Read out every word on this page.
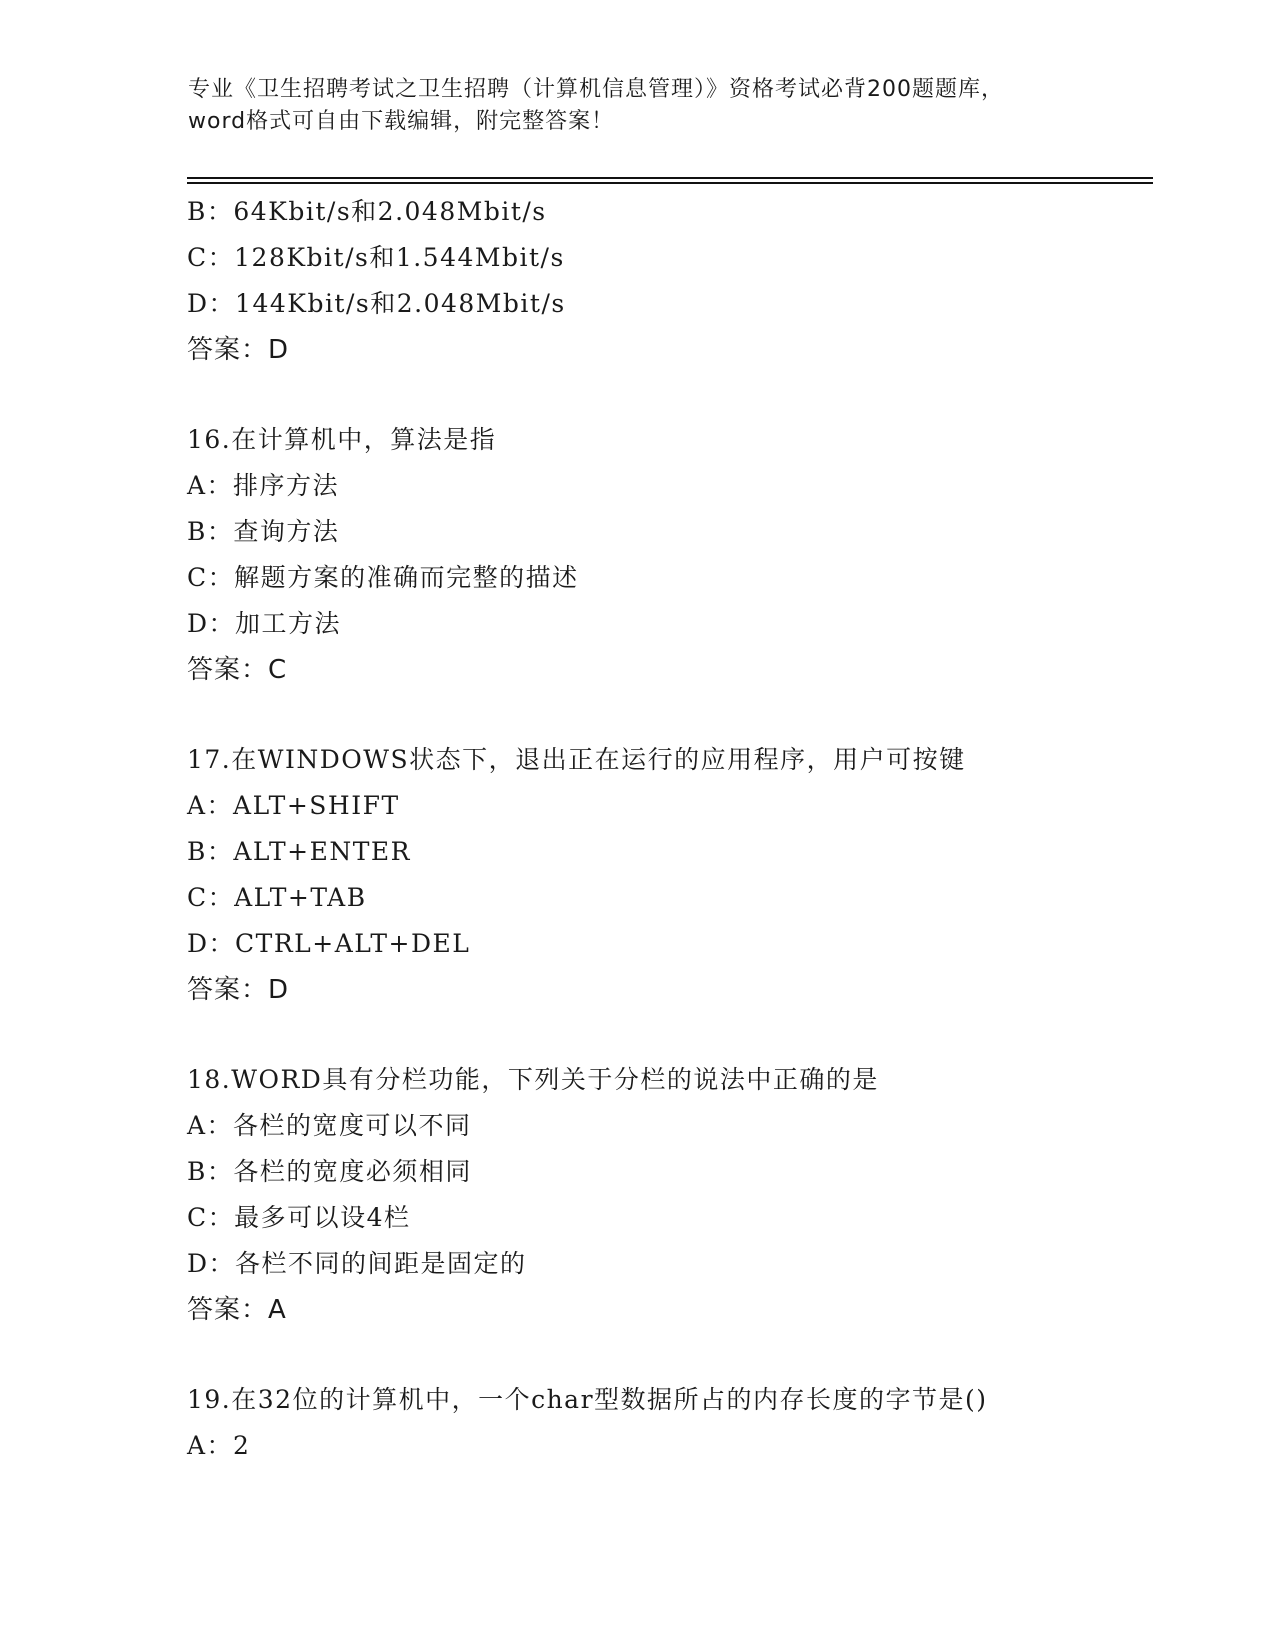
专业《卫生招聘考试之卫生招聘（计算机信息管理）》资格考试必背200题题库，
word格式可自由下载编辑，附完整答案！
B：64Kbit/s和2.048Mbit/s
C：128Kbit/s和1.544Mbit/s
D：144Kbit/s和2.048Mbit/s
答案：D
16.在计算机中，算法是指
A：排序方法
B：查询方法
C：解题方案的准确而完整的描述
D：加工方法
答案：C
17.在WINDOWS状态下，退出正在运行的应用程序，用户可按键
A：ALT+SHIFT
B：ALT+ENTER
C：ALT+TAB
D：CTRL+ALT+DEL
答案：D
18.WORD具有分栏功能，下列关于分栏的说法中正确的是
A：各栏的宽度可以不同
B：各栏的宽度必须相同
C：最多可以设4栏
D：各栏不同的间距是固定的
答案：A
19.在32位的计算机中，一个char型数据所占的内存长度的字节是()
A：2
